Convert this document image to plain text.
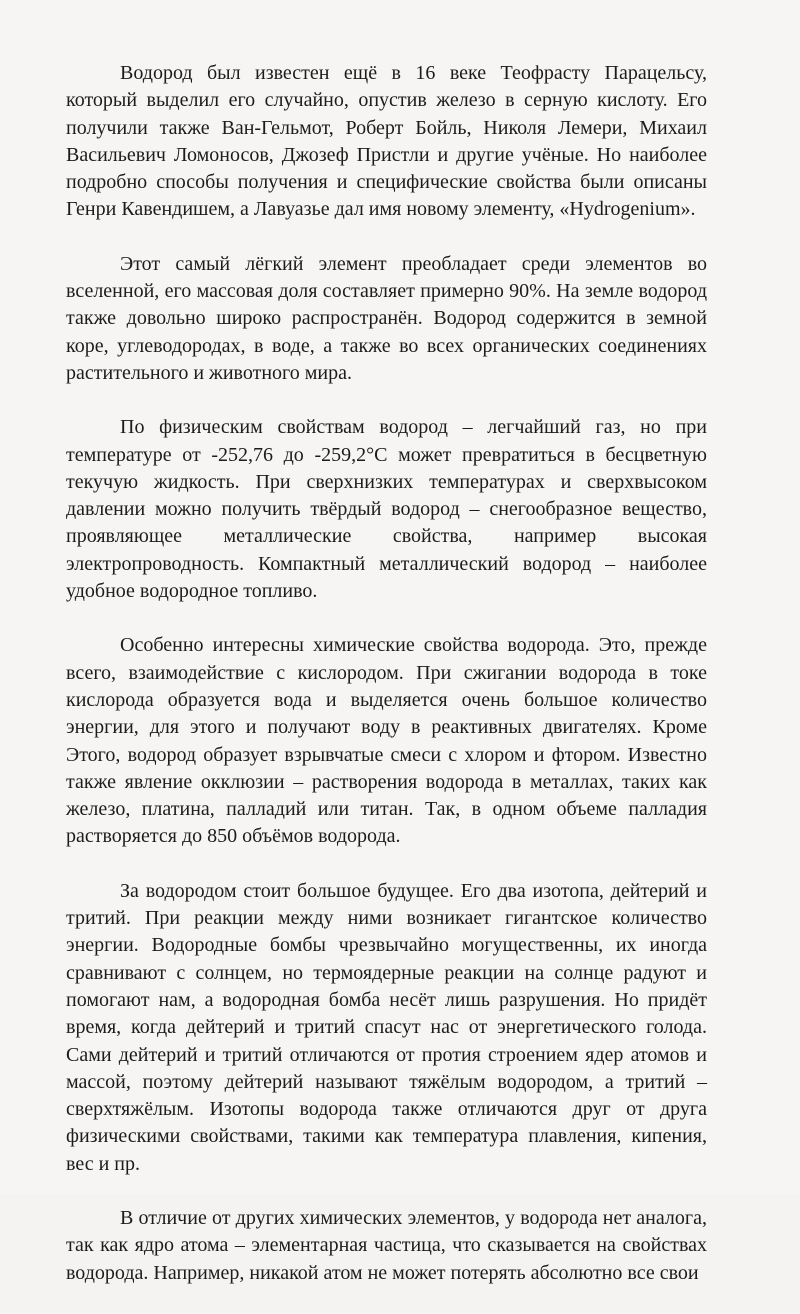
Водород был известен ещё в 16 веке Теофрасту Парацельсу, который выделил его случайно, опустив железо в серную кислоту. Его получили также Ван-Гельмот, Роберт Бойль, Николя Лемери, Михаил Васильевич Ломоносов, Джозеф Пристли и другие учёные. Но наиболее подробно способы получения и специфические свойства были описаны Генри Кавендишем, а Лавуазье дал имя новому элементу, «Hydrogenium».

Этот самый лёгкий элемент преобладает среди элементов во вселенной, его массовая доля составляет примерно 90%. На земле водород также довольно широко распространён. Водород содержится в земной коре, углеводородах, в воде, а также во всех органических соединениях растительного и животного мира.

По физическим свойствам водород – легчайший газ, но при температуре от -252,76 до -259,2°С может превратиться в бесцветную текучую жидкость. При сверхнизких температурах и сверхвысоком давлении можно получить твёрдый водород – снегообразное вещество, проявляющее металлические свойства, например высокая электропроводность. Компактный металлический водород – наиболее удобное водородное топливо.

Особенно интересны химические свойства водорода. Это, прежде всего, взаимодействие с кислородом. При сжигании водорода в токе кислорода образуется вода и выделяется очень большое количество энергии, для этого и получают воду в реактивных двигателях. Кроме Этого, водород образует взрывчатые смеси с хлором и фтором. Известно также явление окклюзии – растворения водорода в металлах, таких как железо, платина, палладий или титан. Так, в одном объеме палладия растворяется до 850 объёмов водорода.

За водородом стоит большое будущее. Его два изотопа, дейтерий и тритий. При реакции между ними возникает гигантское количество энергии. Водородные бомбы чрезвычайно могущественны, их иногда сравнивают с солнцем, но термоядерные реакции на солнце радуют и помогают нам, а водородная бомба несёт лишь разрушения. Но придёт время, когда дейтерий и тритий спасут нас от энергетического голода. Сами дейтерий и тритий отличаются от протия строением ядер атомов и массой, поэтому дейтерий называют тяжёлым водородом, а тритий – сверхтяжёлым. Изотопы водорода также отличаются друг от друга физическими свойствами, такими как температура плавления, кипения, вес и пр.

В отличие от других химических элементов, у водорода нет аналога, так как ядро атома – элементарная частица, что сказывается на свойствах водорода. Например, никакой атом не может потерять абсолютно все свои
